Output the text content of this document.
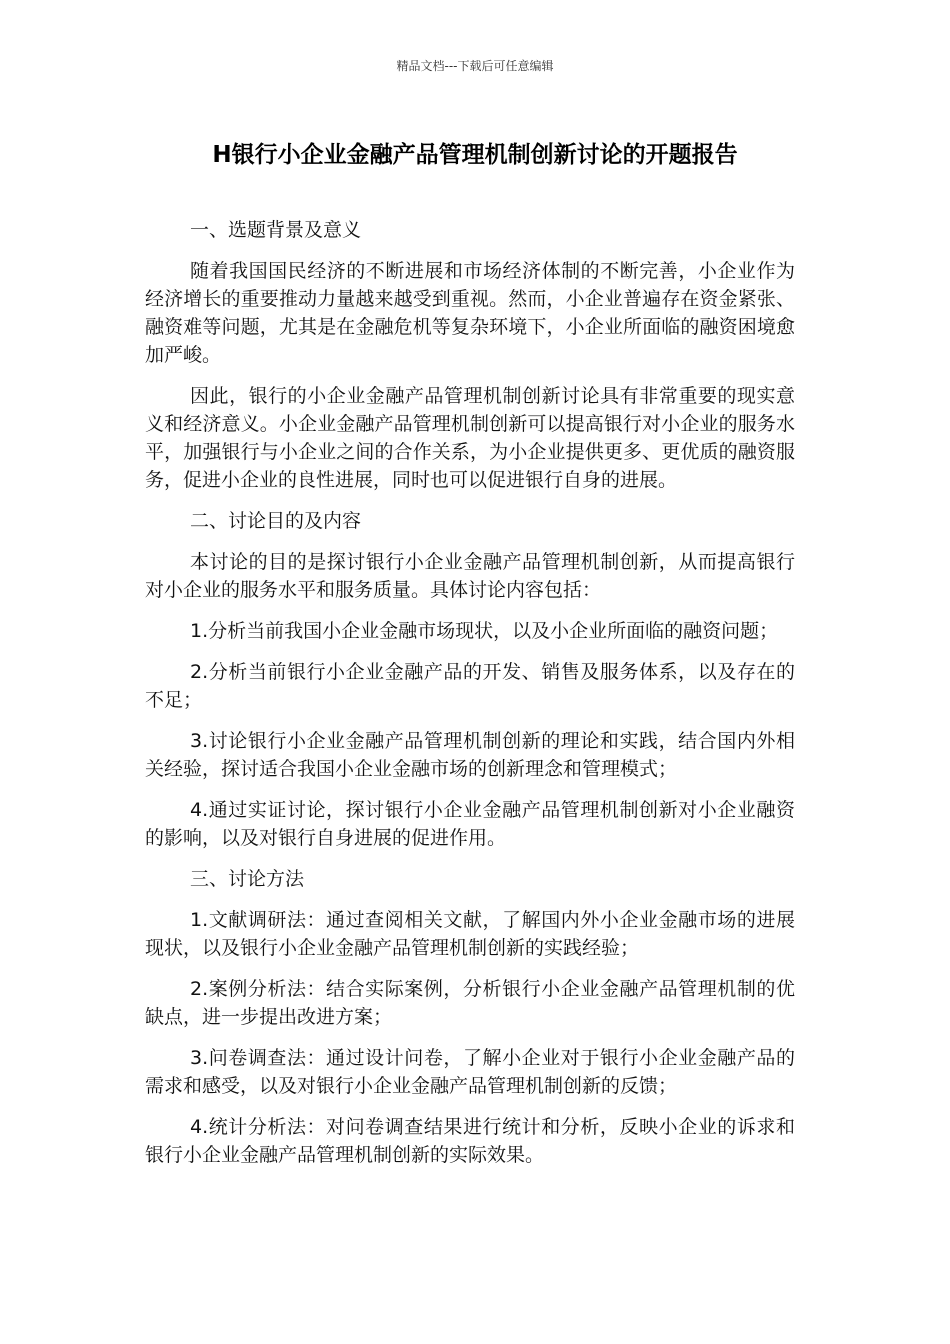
精品文档---下载后可任意编辑
H银行小企业金融产品管理机制创新讨论的开题报告
一、选题背景及意义

随着我国国民经济的不断进展和市场经济体制的不断完善，小企业作为经济增长的重要推动力量越来越受到重视。然而，小企业普遍存在资金紧张、融资难等问题，尤其是在金融危机等复杂环境下，小企业所面临的融资困境愈加严峻。

因此，银行的小企业金融产品管理机制创新讨论具有非常重要的现实意义和经济意义。小企业金融产品管理机制创新可以提高银行对小企业的服务水平，加强银行与小企业之间的合作关系，为小企业提供更多、更优质的融资服务，促进小企业的良性进展，同时也可以促进银行自身的进展。

二、讨论目的及内容

本讨论的目的是探讨银行小企业金融产品管理机制创新，从而提高银行对小企业的服务水平和服务质量。具体讨论内容包括：

1.分析当前我国小企业金融市场现状，以及小企业所面临的融资问题；

2.分析当前银行小企业金融产品的开发、销售及服务体系，以及存在的不足；

3.讨论银行小企业金融产品管理机制创新的理论和实践，结合国内外相关经验，探讨适合我国小企业金融市场的创新理念和管理模式；

4.通过实证讨论，探讨银行小企业金融产品管理机制创新对小企业融资的影响，以及对银行自身进展的促进作用。

三、讨论方法

1.文献调研法：通过查阅相关文献，了解国内外小企业金融市场的进展现状，以及银行小企业金融产品管理机制创新的实践经验；

2.案例分析法：结合实际案例，分析银行小企业金融产品管理机制的优缺点，进一步提出改进方案；

3.问卷调查法：通过设计问卷，了解小企业对于银行小企业金融产品的需求和感受，以及对银行小企业金融产品管理机制创新的反馈；

4.统计分析法：对问卷调查结果进行统计和分析，反映小企业的诉求和银行小企业金融产品管理机制创新的实际效果。
